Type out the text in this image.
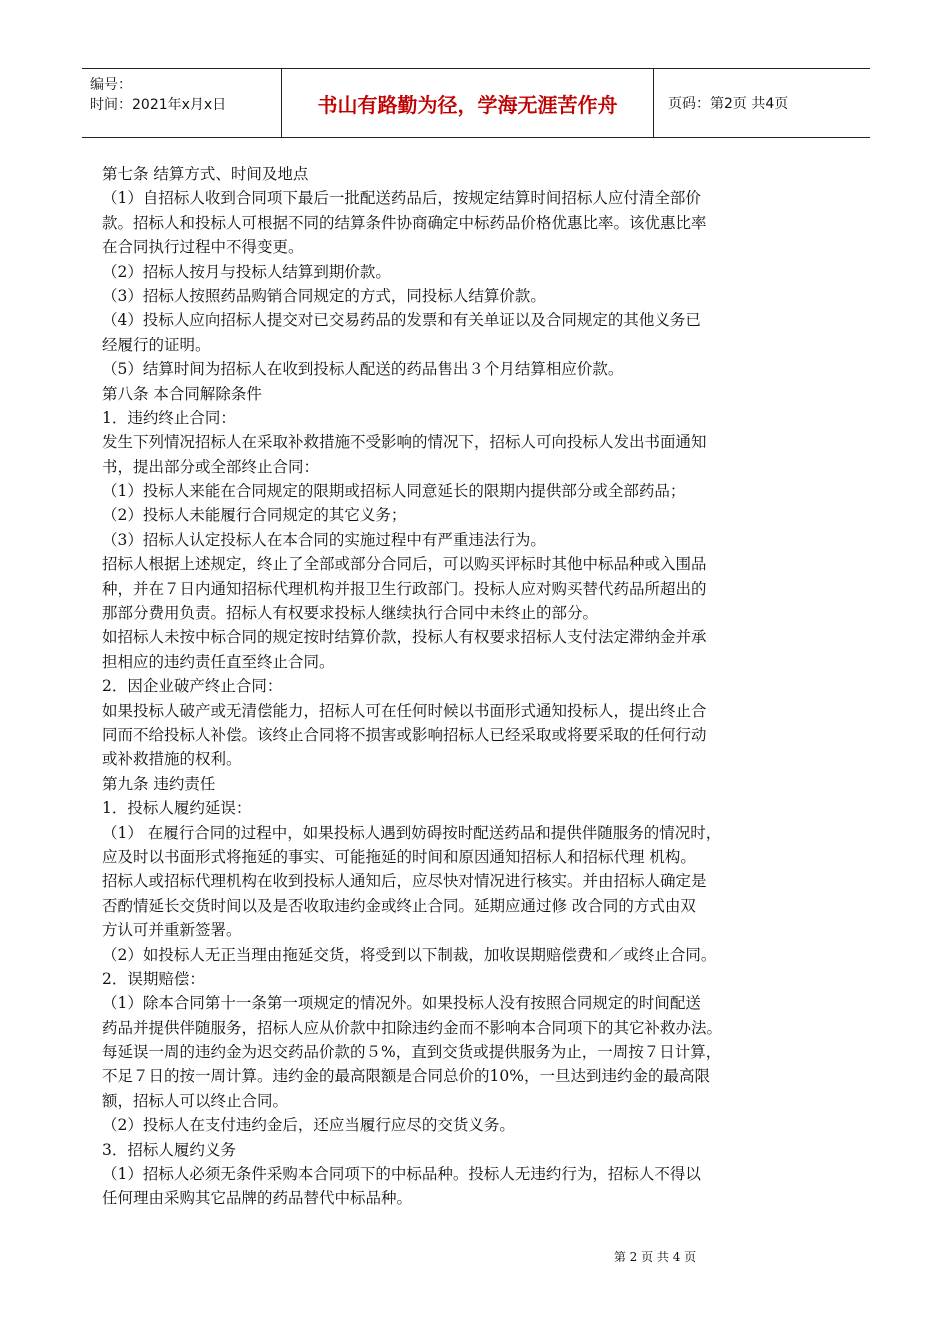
编号：
时间：2021年x月x日	书山有路勤为径，学海无涯苦作舟	页码：第2页 共4页
第七条 结算方式、时间及地点
（1）自招标人收到合同项下最后一批配送药品后，按规定结算时间招标人应付清全部价
款。招标人和投标人可根据不同的结算条件协商确定中标药品价格优惠比率。该优惠比率
在合同执行过程中不得变更。
（2）招标人按月与投标人结算到期价款。
（3）招标人按照药品购销合同规定的方式，同投标人结算价款。
（4）投标人应向招标人提交对已交易药品的发票和有关单证以及合同规定的其他义务已
经履行的证明。
（5）结算时间为招标人在收到投标人配送的药品售出３个月结算相应价款。
第八条 本合同解除条件
1．违约终止合同：
发生下列情况招标人在采取补救措施不受影响的情况下，招标人可向投标人发出书面通知
书，提出部分或全部终止合同：
（1）投标人来能在合同规定的限期或招标人同意延长的限期内提供部分或全部药品；
（2）投标人未能履行合同规定的其它义务；
（3）招标人认定投标人在本合同的实施过程中有严重违法行为。
招标人根据上述规定，终止了全部或部分合同后，可以购买评标时其他中标品种或入围品
种，并在７日内通知招标代理机构并报卫生行政部门。投标人应对购买替代药品所超出的
那部分费用负责。招标人有权要求投标人继续执行合同中未终止的部分。
如招标人未按中标合同的规定按时结算价款，投标人有权要求招标人支付法定滞纳金并承
担相应的违约责任直至终止合同。
2．因企业破产终止合同：
如果投标人破产或无清偿能力，招标人可在任何时候以书面形式通知投标人，提出终止合
同而不给投标人补偿。该终止合同将不损害或影响招标人已经采取或将要采取的任何行动
或补救措施的权利。
第九条 违约责任
1．投标人履约延误：
（1） 在履行合同的过程中，如果投标人遇到妨碍按时配送药品和提供伴随服务的情况时，
应及时以书面形式将拖延的事实、可能拖延的时间和原因通知招标人和招标代理 机构。
招标人或招标代理机构在收到投标人通知后，应尽快对情况进行核实。并由招标人确定是
否酌情延长交货时间以及是否收取违约金或终止合同。延期应通过修 改合同的方式由双
方认可并重新签署。
（2）如投标人无正当理由拖延交货，将受到以下制裁，加收误期赔偿费和／或终止合同。
2．误期赔偿：
（1）除本合同第十一条第一项规定的情况外。如果投标人没有按照合同规定的时间配送
药品并提供伴随服务，招标人应从价款中扣除违约金而不影响本合同项下的其它补救办法。
每延误一周的违约金为迟交药品价款的５%，直到交货或提供服务为止，一周按７日计算，
不足７日的按一周计算。违约金的最高限额是合同总价的10%，一旦达到违约金的最高限
额，招标人可以终止合同。
（2）投标人在支付违约金后，还应当履行应尽的交货义务。
3．招标人履约义务
（1）招标人必须无条件采购本合同项下的中标品种。投标人无违约行为，招标人不得以
任何理由采购其它品牌的药品替代中标品种。
第 2 页 共 4 页
